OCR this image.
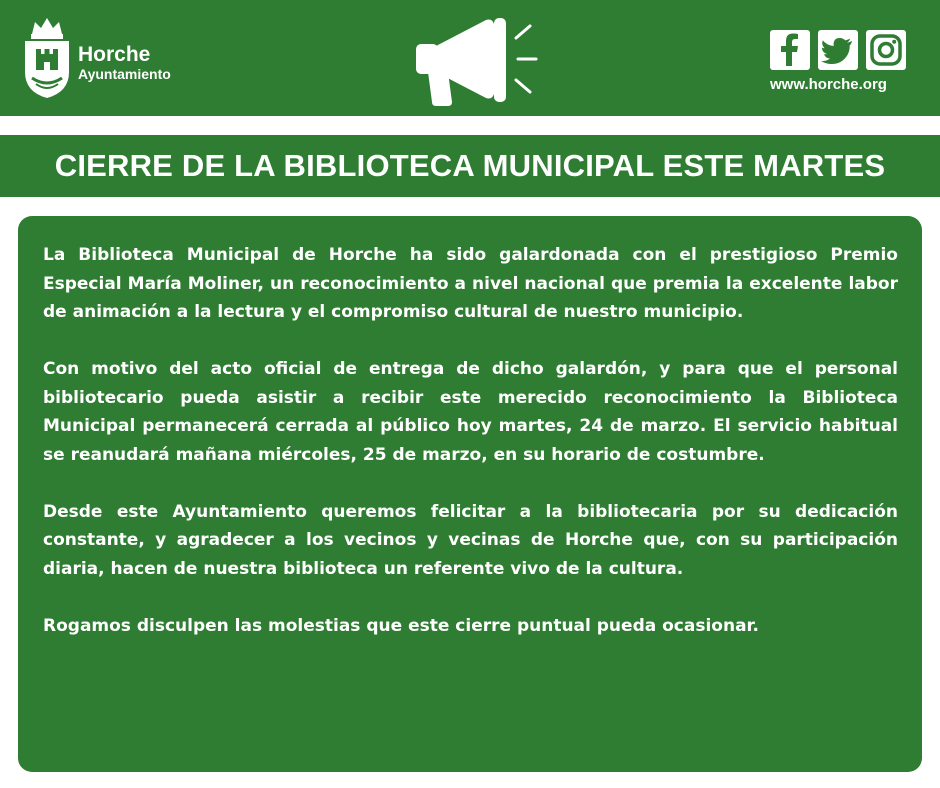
Horche
Ayuntamiento
www.horche.org
CIERRE DE LA BIBLIOTECA MUNICIPAL ESTE MARTES

La Biblioteca Municipal de Horche ha sido galardonada con el prestigioso Premio Especial María Moliner, un reconocimiento a nivel nacional que premia la excelente labor de animación a la lectura y el compromiso cultural de nuestro municipio.

Con motivo del acto oficial de entrega de dicho galardón, y para que el personal bibliotecario pueda asistir a recibir este merecido reconocimiento la Biblioteca Municipal permanecerá cerrada al público hoy martes, 24 de marzo. El servicio habitual se reanudará mañana miércoles, 25 de marzo, en su horario de costumbre.

Desde este Ayuntamiento queremos felicitar a la bibliotecaria por su dedicación constante, y agradecer a los vecinos y vecinas de Horche que, con su participación diaria, hacen de nuestra biblioteca un referente vivo de la cultura.

Rogamos disculpen las molestias que este cierre puntual pueda ocasionar.
